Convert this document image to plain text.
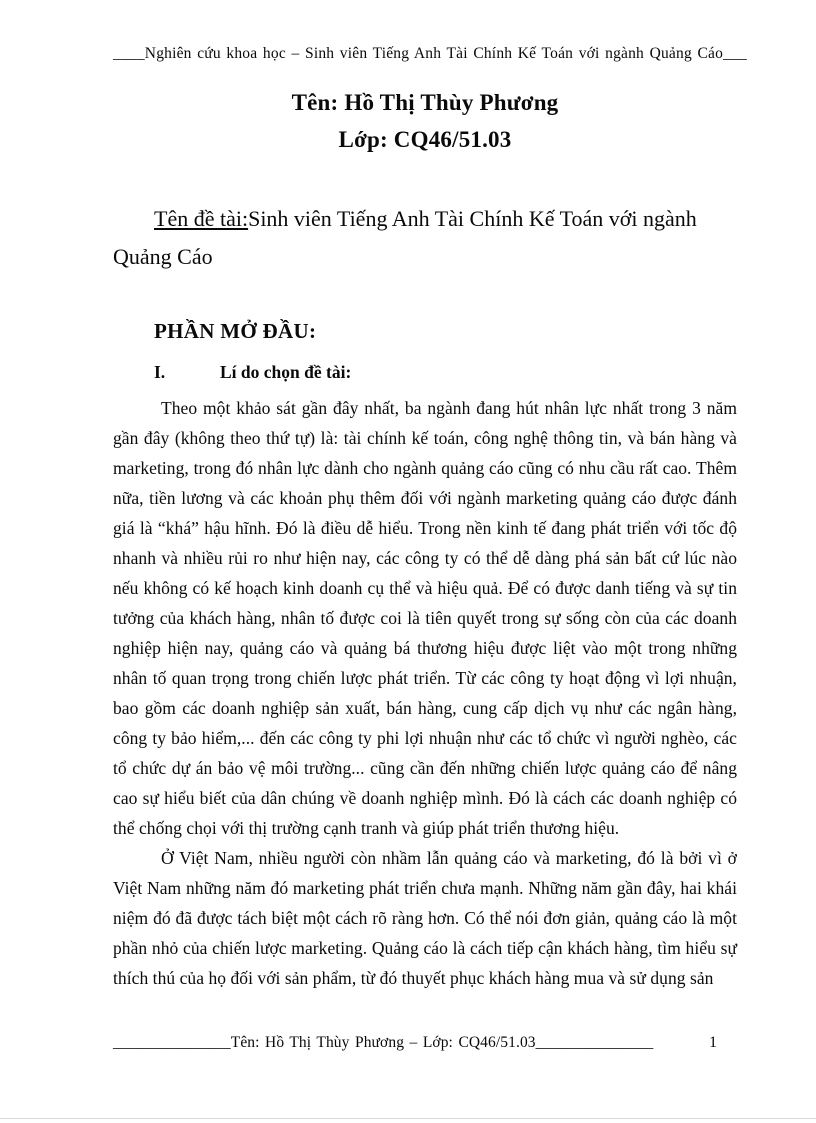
____Nghiên cứu khoa học – Sinh viên Tiếng Anh Tài Chính Kế Toán với ngành Quảng Cáo___
Tên: Hồ Thị Thùy Phương
Lớp: CQ46/51.03
Tên đề tài:Sinh viên Tiếng Anh Tài Chính Kế Toán với ngành Quảng Cáo
PHẦN MỞ ĐẦU:
I.	Lí do chọn đề tài:

Theo một khảo sát gần đây nhất, ba ngành đang hút nhân lực nhất trong 3 năm gần đây (không theo thứ tự) là: tài chính kế toán, công nghệ thông tin, và bán hàng và marketing, trong đó nhân lực dành cho ngành quảng cáo cũng có nhu cầu rất cao. Thêm nữa, tiền lương và các khoản phụ thêm đối với ngành marketing quảng cáo được đánh giá là “khá” hậu hĩnh. Đó là điều dễ hiểu. Trong nền kinh tế đang phát triển với tốc độ nhanh và nhiều rủi ro như hiện nay, các công ty có thể dễ dàng phá sản bất cứ lúc nào nếu không có kế hoạch kinh doanh cụ thể và hiệu quả. Để có được danh tiếng và sự tin tưởng của khách hàng, nhân tố được coi là tiên quyết trong sự sống còn của các doanh nghiệp hiện nay, quảng cáo và quảng bá thương hiệu được liệt vào một trong những nhân tố quan trọng trong chiến lược phát triển. Từ các công ty hoạt động vì lợi nhuận, bao gồm các doanh nghiệp sản xuất, bán hàng, cung cấp dịch vụ như các ngân hàng, công ty bảo hiểm,... đến các công ty phi lợi nhuận như các tổ chức vì người nghèo, các tổ chức dự án bảo vệ môi trường... cũng cần đến những chiến lược quảng cáo để nâng cao sự hiểu biết của dân chúng về doanh nghiệp mình. Đó là cách các doanh nghiệp có thể chống chọi với thị trường cạnh tranh và giúp phát triển thương hiệu.

Ở Việt Nam, nhiều người còn nhầm lẫn quảng cáo và marketing, đó là bởi vì ở Việt Nam những năm đó marketing phát triển chưa mạnh. Những năm gần đây, hai khái niệm đó đã được tách biệt một cách rõ ràng hơn. Có thể nói đơn giản, quảng cáo là một phần nhỏ của chiến lược marketing. Quảng cáo là cách tiếp cận khách hàng, tìm hiểu sự thích thú của họ đối với sản phẩm, từ đó thuyết phục khách hàng mua và sử dụng sản

_______________Tên: Hồ Thị Thùy Phương – Lớp: CQ46/51.03_______________	1
